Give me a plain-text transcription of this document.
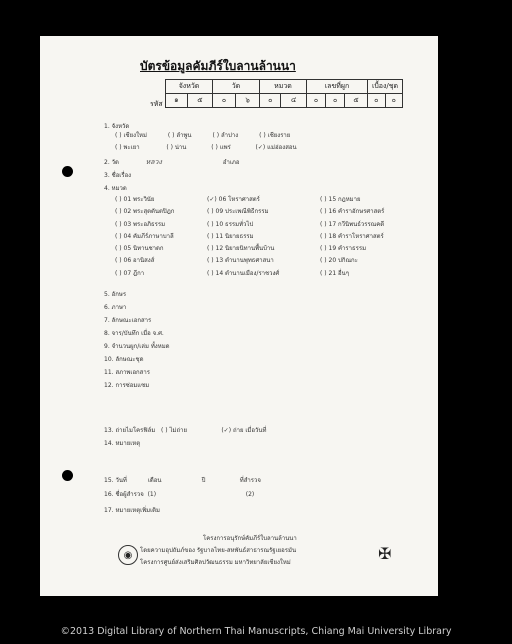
บัตรข้อมูลคัมภีร์ใบลานล้านนา
จังหวัด		วัด		หมวด		เลขที่ผูก			เบื้อง/ชุด	
๑	๕	๐	๖	๐	๔	๐	๐	๕	๐	๐
รหัส
1. จังหวัด
( ) เชียงใหม่           ( ) ลำพูน           ( ) ลำปาง           ( ) เชียงราย
( ) พะเยา              ( ) น่าน             ( ) แพร่             (✓) แม่ฮ่องสอน
2. วัด	หลวง	อำเภอ
3. ชื่อเรื่อง
4. หมวด
( ) 01 พระวินัย
( ) 02 พระสุตตันตปิฎก
( ) 03 พระอภิธรรม
( ) 04 คัมภีร์ภาษาบาลี
( ) 05 นิทานชาดก
( ) 06 อานิสงส์
( ) 07 ฎีกา
(✓) 06 โหราศาสตร์
( ) 09 ประเพณีพิธีกรรม
( ) 10 ธรรมทั่วไป
( ) 11 นิยายธรรม
( ) 12 นิยายนิทานพื้นบ้าน
( ) 13 ตำนานพุทธศาสนา
( ) 14 ตำนานเมือง/ราชวงศ์
( ) 15 กฎหมาย
( ) 16 คำราอักษรศาสตร์
( ) 17 กวีนิพนธ์วรรณคดี
( ) 18 คำราโหราศาสตร์
( ) 19 คำราธรรม
( ) 20 ปกิณกะ
( ) 21 อื่นๆ
5. อักษร
6. ภาษา
7. ลักษณะเอกสาร
8. จาร/บันทึก เมื่อ จ.ศ.
9. จำนวนผูก/เล่ม ทั้งหมด
10. ลักษณะชุด
11. สภาพเอกสาร
12. การซ่อมแซม
13. ถ่ายไมโครฟิล์ม   ( ) ไม่ถ่าย                  (✓) ถ่าย เมื่อวันที่
14. หมายเหตุ
15. วันที่	เดือน	ปี	ที่สำรวจ
16. ชื่อผู้สำรวจ  (1)                                               (2)
17. หมายเหตุเพิ่มเติม
โครงการอนุรักษ์คัมภีร์ใบลานล้านนา
โดยความอุปถัมภ์ของ รัฐบาลไทย-สหพันธ์สาธารณรัฐเยอรมัน
โครงการศูนย์ส่งเสริมศิลปวัฒนธรรม มหาวิทยาลัยเชียงใหม่
◉	✠
©2013 Digital Library of Northern Thai Manuscripts, Chiang Mai University Library
